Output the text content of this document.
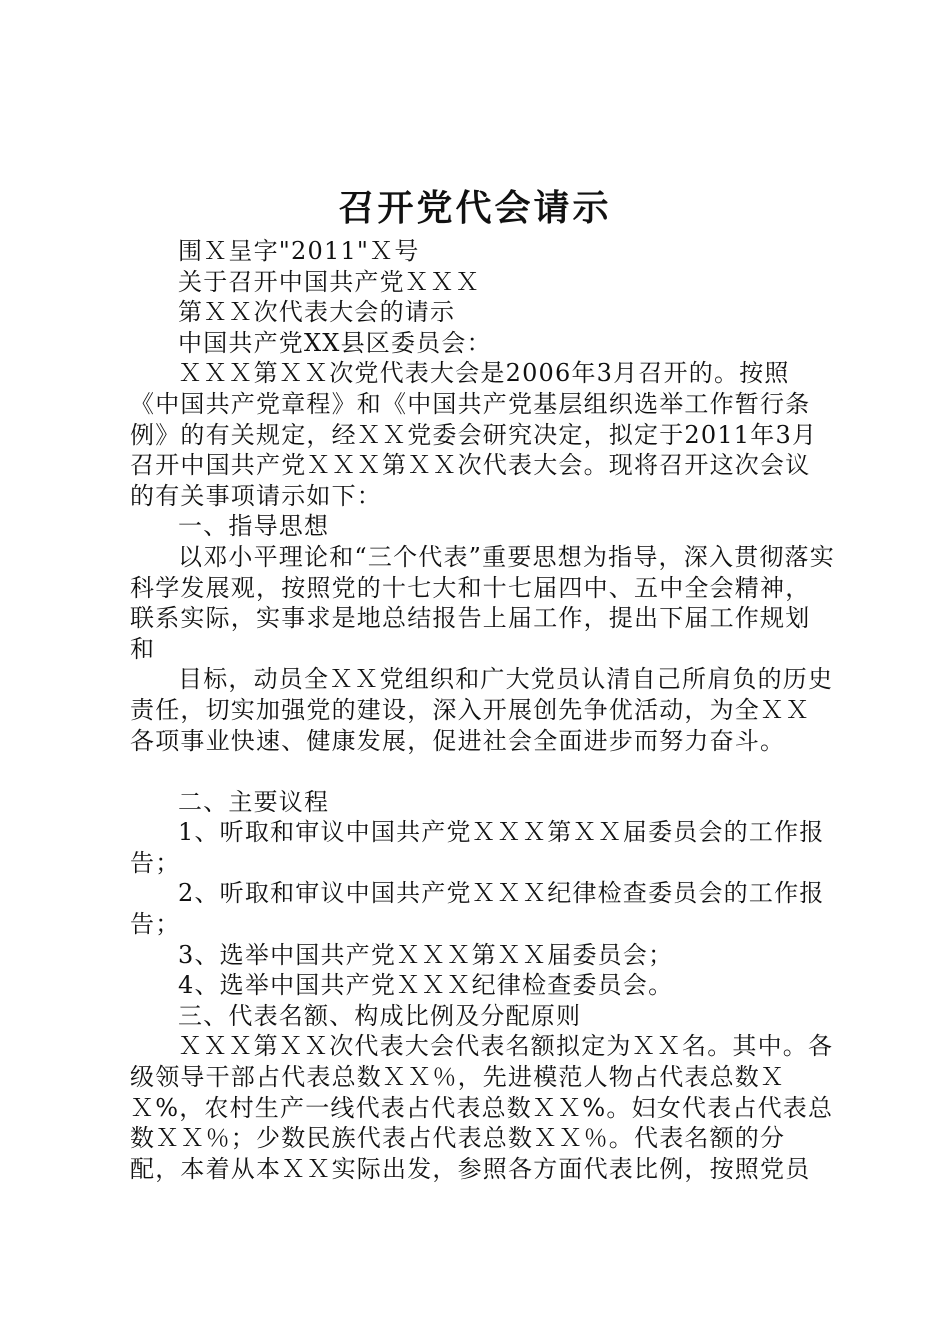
召开党代会请示

围Ｘ呈字"2011"Ｘ号

关于召开中国共产党ＸＸＸ

第ＸＸ次代表大会的请示

中国共产党XX县区委员会：

ＸＸＸ第ＸＸ次党代表大会是2006年3月召开的。按照《中国共产党章程》和《中国共产党基层组织选举工作暂行条例》的有关规定，经ＸＸ党委会研究决定，拟定于2011年3月召开中国共产党ＸＸＸ第ＸＸ次代表大会。现将召开这次会议的有关事项请示如下：

一、指导思想

以邓小平理论和“三个代表”重要思想为指导，深入贯彻落实科学发展观，按照党的十七大和十七届四中、五中全会精神，联系实际，实事求是地总结报告上届工作，提出下届工作规划和

目标，动员全ＸＸ党组织和广大党员认清自己所肩负的历史责任，切实加强党的建设，深入开展创先争优活动，为全ＸＸ各项事业快速、健康发展，促进社会全面进步而努力奋斗。

二、主要议程

1、听取和审议中国共产党ＸＸＸ第ＸＸ届委员会的工作报告；

2、听取和审议中国共产党ＸＸＸ纪律检查委员会的工作报告；

3、选举中国共产党ＸＸＸ第ＸＸ届委员会；

4、选举中国共产党ＸＸＸ纪律检查委员会。

三、代表名额、构成比例及分配原则

ＸＸＸ第ＸＸ次代表大会代表名额拟定为ＸＸ名。其中。各级领导干部占代表总数ＸＸ％，先进模范人物占代表总数ＸＸ%，农村生产一线代表占代表总数ＸＸ%。妇女代表占代表总数ＸＸ％；少数民族代表占代表总数ＸＸ％。代表名额的分配，本着从本ＸＸ实际出发，参照各方面代表比例，按照党员
